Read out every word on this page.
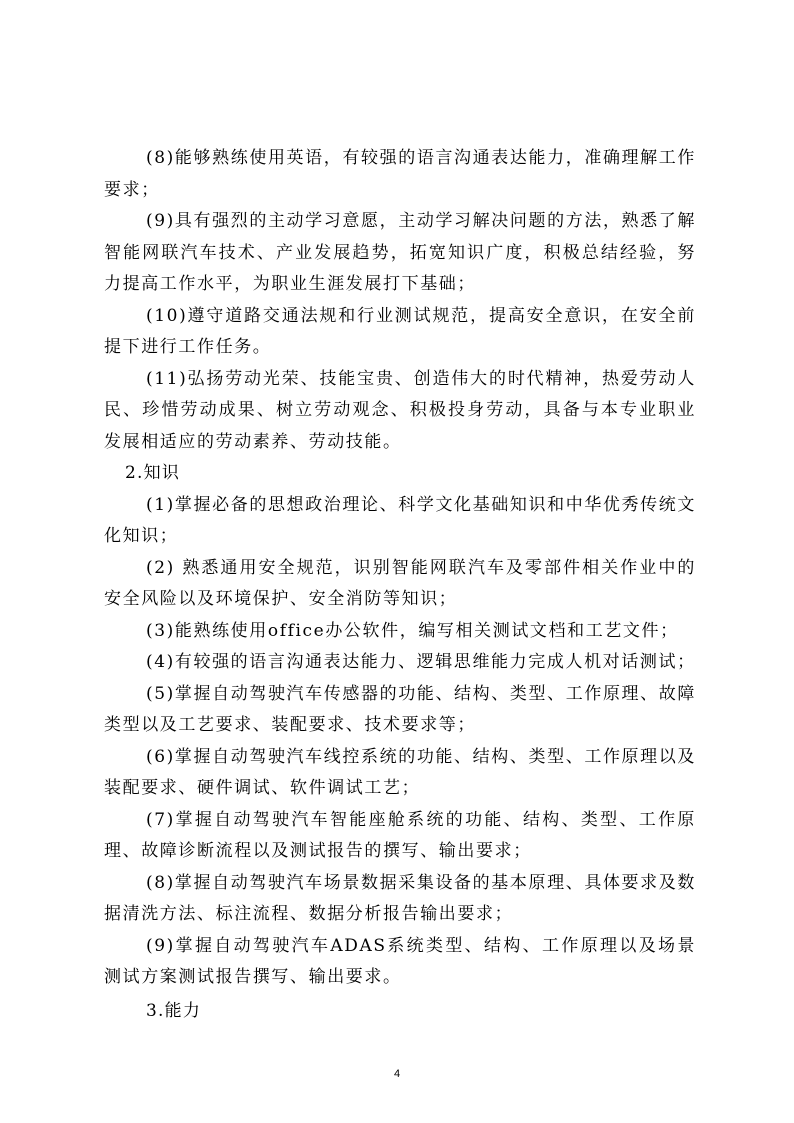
(8)能够熟练使用英语，有较强的语言沟通表达能力，准确理解工作要求；

(9)具有强烈的主动学习意愿，主动学习解决问题的方法，熟悉了解智能网联汽车技术、产业发展趋势，拓宽知识广度，积极总结经验，努力提高工作水平，为职业生涯发展打下基础；

(10)遵守道路交通法规和行业测试规范，提高安全意识，在安全前提下进行工作任务。

(11)弘扬劳动光荣、技能宝贵、创造伟大的时代精神，热爱劳动人民、珍惜劳动成果、树立劳动观念、积极投身劳动，具备与本专业职业发展相适应的劳动素养、劳动技能。

2.知识

(1)掌握必备的思想政治理论、科学文化基础知识和中华优秀传统文化知识；

(2) 熟悉通用安全规范，识别智能网联汽车及零部件相关作业中的安全风险以及环境保护、安全消防等知识；

(3)能熟练使用office办公软件，编写相关测试文档和工艺文件；

(4)有较强的语言沟通表达能力、逻辑思维能力完成人机对话测试；

(5)掌握自动驾驶汽车传感器的功能、结构、类型、工作原理、故障类型以及工艺要求、装配要求、技术要求等；

(6)掌握自动驾驶汽车线控系统的功能、结构、类型、工作原理以及装配要求、硬件调试、软件调试工艺；

(7)掌握自动驾驶汽车智能座舱系统的功能、结构、类型、工作原理、故障诊断流程以及测试报告的撰写、输出要求；

(8)掌握自动驾驶汽车场景数据采集设备的基本原理、具体要求及数据清洗方法、标注流程、数据分析报告输出要求；

(9)掌握自动驾驶汽车ADAS系统类型、结构、工作原理以及场景测试方案测试报告撰写、输出要求。

3.能力

4
